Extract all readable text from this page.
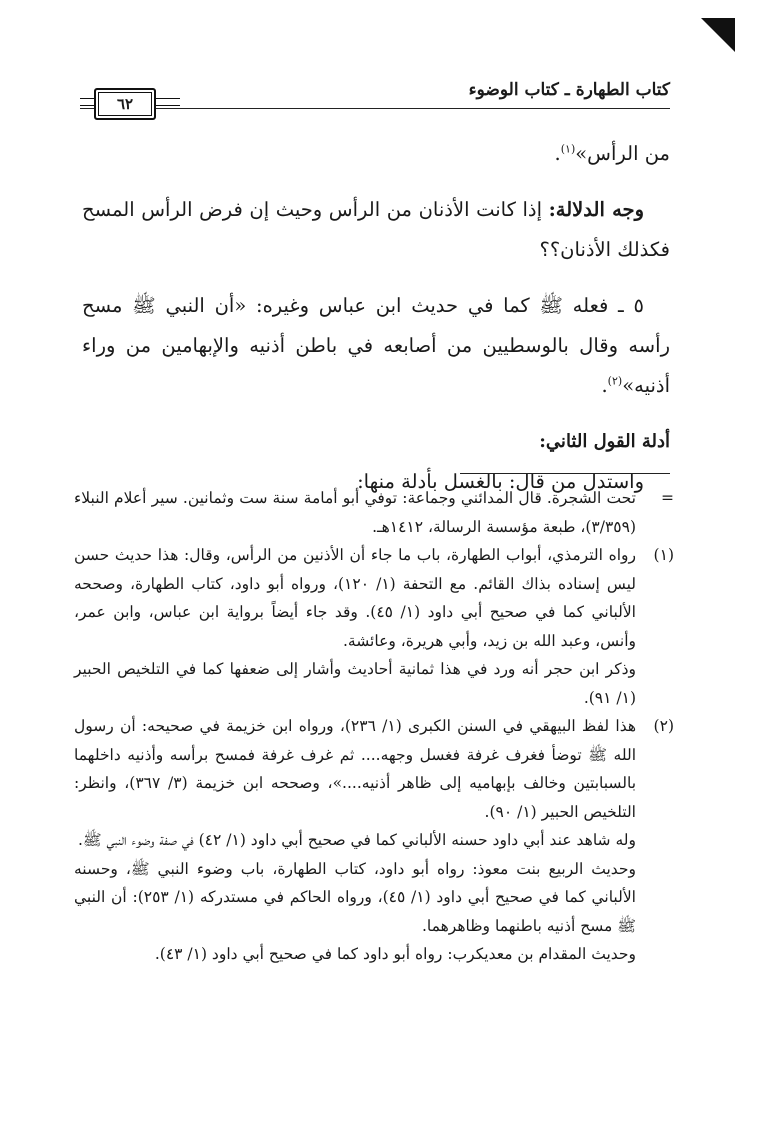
كتاب الطهارة ـ كتاب الوضوء
٦٢

من الرأس»$^{(١)}$.

وجه الدلالة: إذا كانت الأذنان من الرأس وحيث إن فرض الرأس المسح فكذلك الأذنان؟؟

٥ ـ فعله ﷺ كما في حديث ابن عباس وغيره: «أن النبي ﷺ مسح رأسه وقال بالوسطيين من أصابعه في باطن أذنيه والإبهامين من وراء أذنيه»$^{(٢)}$.

أدلة القول الثاني:

واستدل من قال: بالغسل بأدلة منها:

=
تحت الشجرة. قال المدائني وجماعة: توفي أبو أمامة سنة ست وثمانين. سير أعلام النبلاء (٣/٣٥٩)، طبعة مؤسسة الرسالة، ١٤١٢هـ.

(١)
رواه الترمذي، أبواب الطهارة، باب ما جاء أن الأذنين من الرأس، وقال: هذا حديث حسن ليس إسناده بذاك القائم. مع التحفة (١/ ١٢٠)، ورواه أبو داود، كتاب الطهارة، وصححه الألباني كما في صحيح أبي داود (١/ ٤٥). وقد جاء أيضاً برواية ابن عباس، وابن عمر، وأنس، وعبد الله بن زيد، وأبي هريرة، وعائشة.

وذكر ابن حجر أنه ورد في هذا ثمانية أحاديث وأشار إلى ضعفها كما في التلخيص الحبير (١/ ٩١).

(٢)
هذا لفظ البيهقي في السنن الكبرى (١/ ٢٣٦)، ورواه ابن خزيمة في صحيحه: أن رسول الله ﷺ توضأ فغرف غرفة فغسل وجهه.... ثم غرف غرفة فمسح برأسه وأذنيه داخلهما بالسبابتين وخالف بإبهاميه إلى ظاهر أذنيه....»، وصححه ابن خزيمة (٣/ ٣٦٧)، وانظر: التلخيص الحبير (١/ ٩٠).

وله شاهد عند أبي داود حسنه الألباني كما في صحيح أبي داود (١/ ٤٢) في صفة وضوء النبي ﷺ.

وحديث الربيع بنت معوذ: رواه أبو داود، كتاب الطهارة، باب وضوء النبي ﷺ، وحسنه الألباني كما في صحيح أبي داود (١/ ٤٥)، ورواه الحاكم في مستدركه (١/ ٢٥٣): أن النبي ﷺ مسح أذنيه باطنهما وظاهرهما.

وحديث المقدام بن معديكرب: رواه أبو داود كما في صحيح أبي داود (١/ ٤٣).
